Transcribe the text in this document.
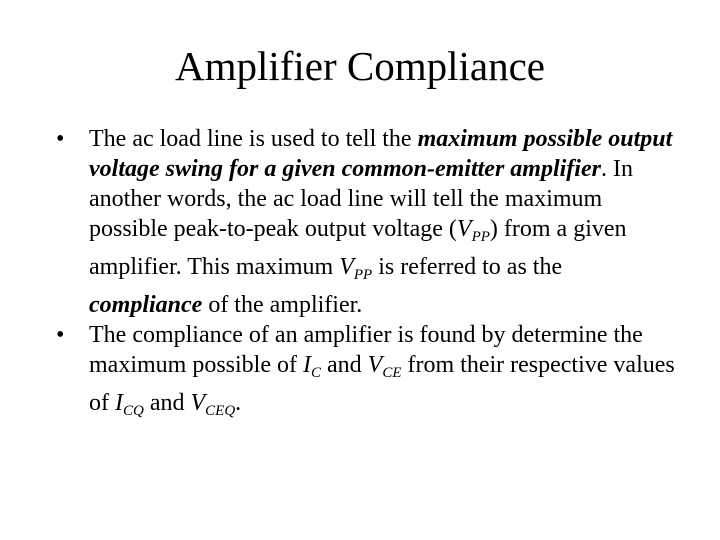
Amplifier Compliance
• The ac load line is used to tell the maximum possible output voltage swing for a given common-emitter amplifier. In another words, the ac load line will tell the maximum possible peak-to-peak output voltage $(V_{PP})$ from a given amplifier. This maximum $V_{PP}$ is referred to as the compliance of the amplifier.
• The compliance of an amplifier is found by determine the maximum possible of $I_C$ and $V_{CE}$ from their respective values of $I_{CQ}$ and $V_{CEQ}$.
